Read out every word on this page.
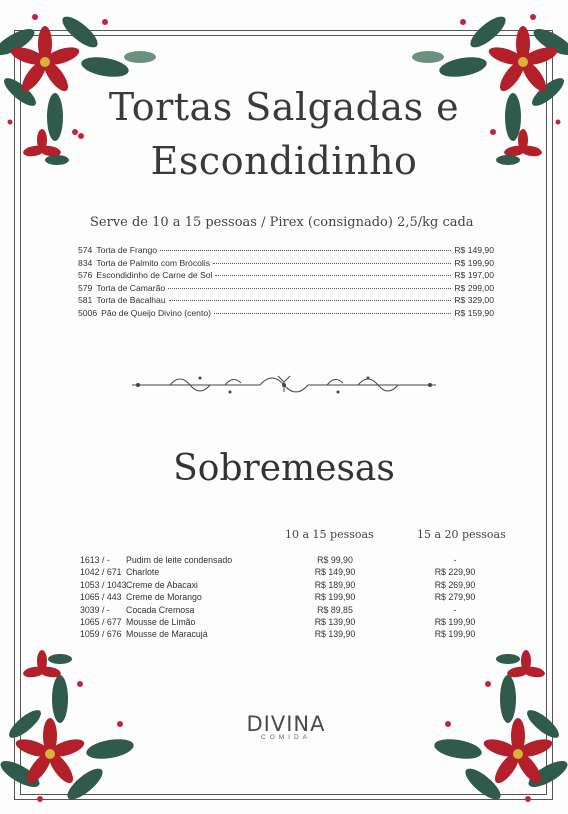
Tortas Salgadas e
Escondidinho
Serve de 10 a 15 pessoas / Pirex (consignado) 2,5/kg cada
574 Torta de Frango	R$ 149,90
834 Torta de Palmito com Brócolis	R$ 199,90
576 Escondidinho de Carne de Sol	R$ 197,00
579 Torta de Camarão	R$ 299,00
581 Torta de Bacalhau	R$ 329,00
5006 Pão de Queijo Divino (cento)	R$ 159,90
Sobremesas
10 a 15 pessoas	15 a 20 pessoas
1613 / - Pudim de leite condensado	R$ 99,90	-
1042 / 671 Charlote	R$ 149,90	R$ 229,90
1053 / 1043 Creme de Abacaxi	R$ 189,90	R$ 269,90
1065 / 443 Creme de Morango	R$ 199,90	R$ 279,90
3039 / - Cocada Cremosa	R$ 89,85	-
1065 / 677 Mousse de Limão	R$ 139,90	R$ 199,90
1059 / 676 Mousse de Maracujá	R$ 139,90	R$ 199,90
DIVINA
COMIDA
